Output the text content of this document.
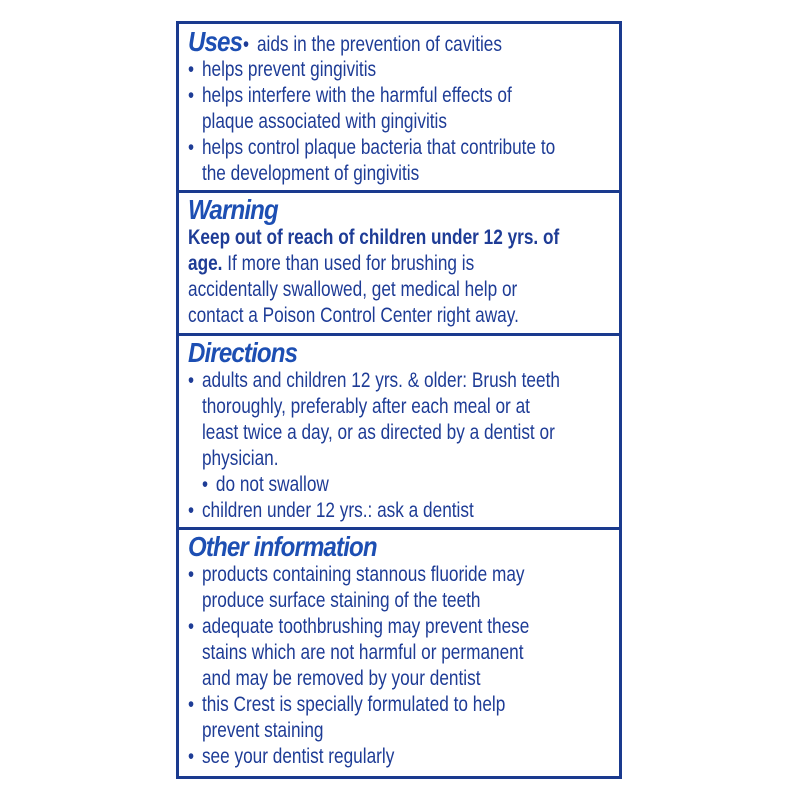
Uses • aids in the prevention of cavities
• helps prevent gingivitis
• helps interfere with the harmful effects of
plaque associated with gingivitis
• helps control plaque bacteria that contribute to
the development of gingivitis
Warning
Keep out of reach of children under 12 yrs. of
age. If more than used for brushing is
accidentally swallowed, get medical help or
contact a Poison Control Center right away.
Directions
• adults and children 12 yrs. & older: Brush teeth
thoroughly, preferably after each meal or at
least twice a day, or as directed by a dentist or
physician.
• do not swallow
• children under 12 yrs.: ask a dentist
Other information
• products containing stannous fluoride may
produce surface staining of the teeth
• adequate toothbrushing may prevent these
stains which are not harmful or permanent
and may be removed by your dentist
• this Crest is specially formulated to help
prevent staining
• see your dentist regularly
